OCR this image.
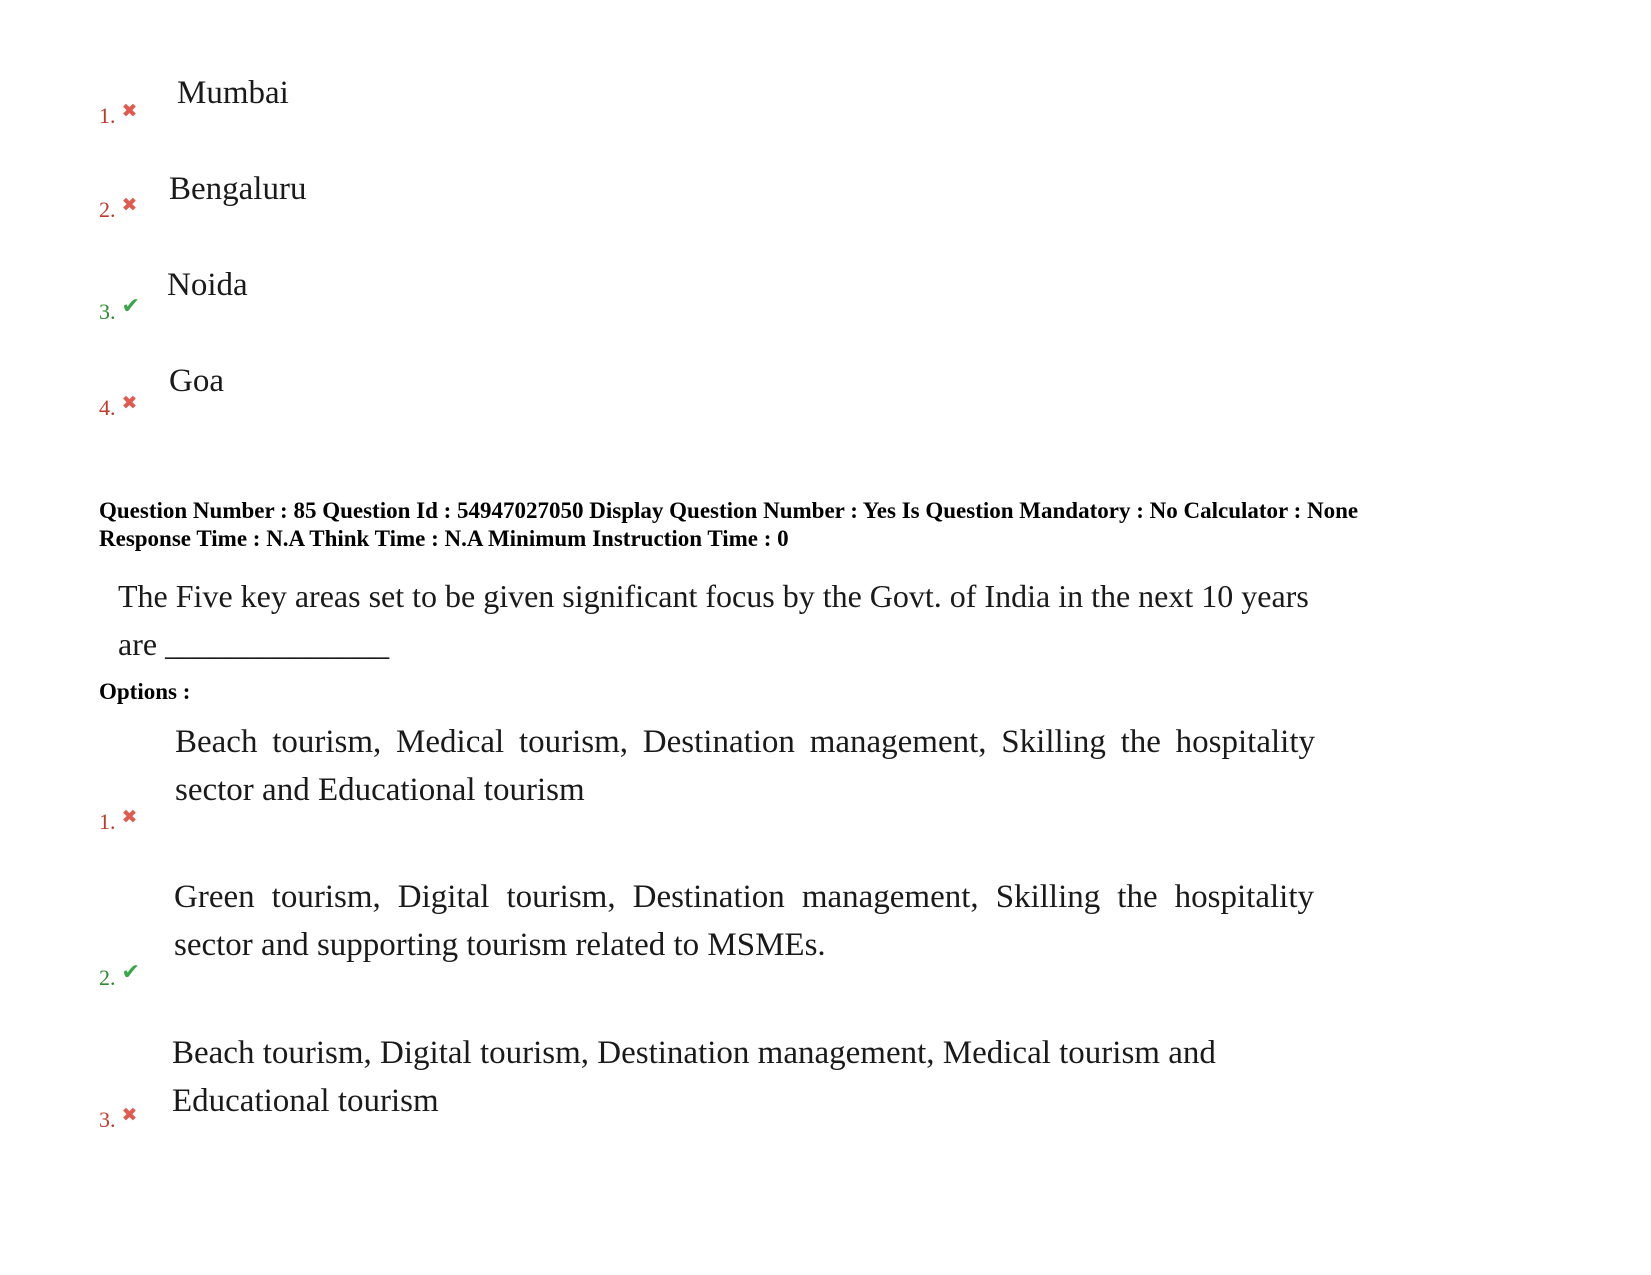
1. ✖
Mumbai
2. ✖ Bengaluru
3. ✔
Noida
4. ✖
Goa
Question Number : 85 Question Id : 54947027050 Display Question Number : Yes Is Question Mandatory : No Calculator : None
Response Time : N.A Think Time : N.A Minimum Instruction Time : 0
The Five key areas set to be given significant focus by the Govt. of India in the next 10 years are ______________
Options :
Beach tourism, Medical tourism, Destination management, Skilling the hospitality sector and Educational tourism
1. ✖
Green tourism, Digital tourism, Destination management, Skilling the hospitality sector and supporting tourism related to MSMEs.
2. ✔
Beach tourism, Digital tourism, Destination management, Medical tourism and Educational tourism
3. ✖
